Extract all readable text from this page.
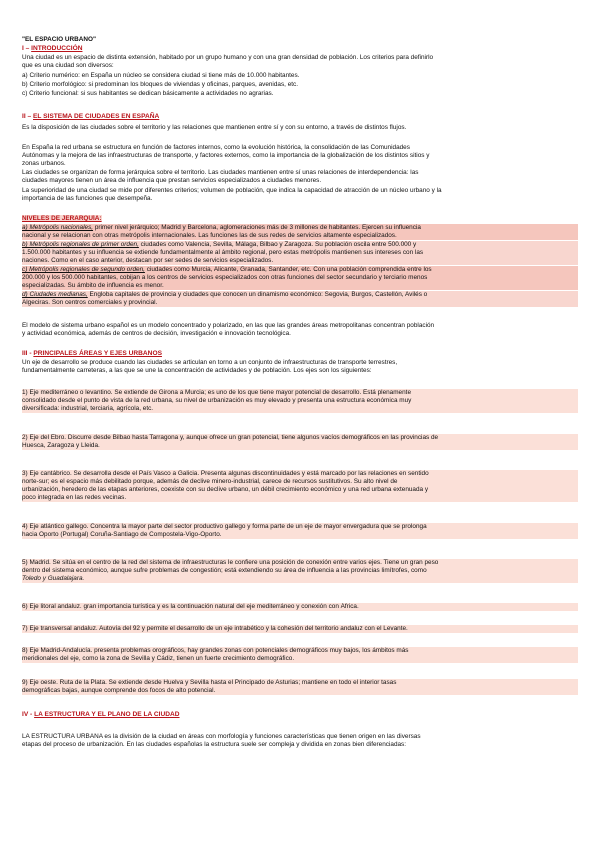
"EL ESPACIO URBANO"
I – INTRODUCCIÓN
Una ciudad es un espacio de distinta extensión, habitado por un grupo humano y con una gran densidad de población. Los criterios para definirlo
que es una ciudad son diversos:
a) Criterio numérico: en España un núcleo se considera ciudad si tiene más de 10.000 habitantes.
b) Criterio morfológico: si predominan los bloques de viviendas y oficinas, parques, avenidas, etc.
c) Criterio funcional: si sus habitantes se dedican básicamente a actividades no agrarias.
II – EL SISTEMA DE CIUDADES EN ESPAÑA
Es la disposición de las ciudades sobre el territorio y las relaciones que mantienen entre sí y con su entorno, a través de distintos flujos.
En España la red urbana se estructura en función de factores internos, como la evolución histórica, la consolidación de las Comunidades
Autónomas y la mejora de las infraestructuras de transporte, y factores externos, como la importancia de la globalización de los distintos sitios y
zonas urbanos.
Las ciudades se organizan de forma jerárquica sobre el territorio. Las ciudades mantienen entre sí unas relaciones de interdependencia: las
ciudades mayores tienen un área de influencia que prestan servicios especializados a ciudades menores.
La superioridad de una ciudad se mide por diferentes criterios; volumen de población, que indica la capacidad de atracción de un núcleo urbano y la
importancia de las funciones que desempeña.
NIVELES DE JERARQUÍA:
a) Metrópolis nacionales, primer nivel jerárquico; Madrid y Barcelona, aglomeraciones más de 3 millones de habitantes. Ejercen su influencia
nacional y se relacionan con otras metrópolis internacionales. Las funciones las de sus redes de servicios altamente especializados.
b) Metrópolis regionales de primer orden, ciudades como Valencia, Sevilla, Málaga, Bilbao y Zaragoza. Su población oscila entre 500.000 y
1.500.000 habitantes y su influencia se extiende fundamentalmente al ámbito regional, pero estas metrópolis mantienen sus intereses con las
naciones. Como en el caso anterior, destacan por ser sedes de servicios especializados.
c) Metrópolis regionales de segundo orden, ciudades como Murcia, Alicante, Granada, Santander, etc. Con una población comprendida entre los
200.000 y los 500.000 habitantes, cobijan a los centros de servicios especializados con otras funciones del sector secundario y terciario menos
especializadas. Su ámbito de influencia es menor.
d) Ciudades medianas, Engloba capitales de provincia y ciudades que conocen un dinamismo económico: Segovia, Burgos, Castellón, Avilés o
Algeciras. Son centros comerciales y provincial.
El modelo de sistema urbano español es un modelo concentrado y polarizado, en las que las grandes áreas metropolitanas concentran población
y actividad económica, además de centros de decisión, investigación e innovación tecnológica.
III - PRINCIPALES ÁREAS Y EJES URBANOS
Un eje de desarrollo se produce cuando las ciudades se articulan en torno a un conjunto de infraestructuras de transporte terrestres,
fundamentalmente carreteras, a las que se une la concentración de actividades y de población. Los ejes son los siguientes:
1) Eje mediterráneo o levantino. Se extiende de Girona a Murcia; es uno de los que tiene mayor potencial de desarrollo. Está plenamente
consolidado desde el punto de vista de la red urbana, su nivel de urbanización es muy elevado y presenta una estructura económica muy
diversificada: industrial, terciaria, agrícola, etc.
2) Eje del Ebro. Discurre desde Bilbao hasta Tarragona y, aunque ofrece un gran potencial, tiene algunos vacíos demográficos en las provincias de
Huesca, Zaragoza y Lleida.
3) Eje cantábrico. Se desarrolla desde el País Vasco a Galicia. Presenta algunas discontinuidades y está marcado por las relaciones en sentido
norte-sur; es el espacio más debilitado porque, además de declive minero-industrial, carece de recursos sustitutivos. Su alto nivel de
urbanización, heredero de las etapas anteriores, coexiste con su declive urbano, un débil crecimiento económico y una red urbana extenuada y
poco integrada en las redes vecinas.
4) Eje atlántico gallego. Concentra la mayor parte del sector productivo gallego y forma parte de un eje de mayor envergadura que se prolonga
hacia Oporto (Portugal) Coruña-Santiago de Compostela-Vigo-Oporto.
5) Madrid. Se sitúa en el centro de la red del sistema de infraestructuras le confiere una posición de conexión entre varios ejes. Tiene un gran peso
dentro del sistema económico, aunque sufre problemas de congestión; está extendiendo su área de influencia a las provincias limítrofes, como
Toledo y Guadalajara.
6) Eje litoral andaluz. gran importancia turística y es la continuación natural del eje mediterráneo y conexión con África.
7) Eje transversal andaluz. Autovía del 92 y permite el desarrollo de un eje intrabético y la cohesión del territorio andaluz con el Levante.
8) Eje Madrid-Andalucía. presenta problemas orográficos, hay grandes zonas con potenciales demográficos muy bajos, los ámbitos más
meridionales del eje, como la zona de Sevilla y Cádiz, tienen un fuerte crecimiento demográfico.
9) Eje oeste. Ruta de la Plata. Se extiende desde Huelva y Sevilla hasta el Principado de Asturias; mantiene en todo el interior tasas
demográficas bajas, aunque comprende dos focos de alto potencial.
IV - LA ESTRUCTURA Y EL PLANO DE LA CIUDAD
LA ESTRUCTURA URBANA es la división de la ciudad en áreas con morfología y funciones características que tienen origen en las diversas
etapas del proceso de urbanización. En las ciudades españolas la estructura suele ser compleja y dividida en zonas bien diferenciadas:
